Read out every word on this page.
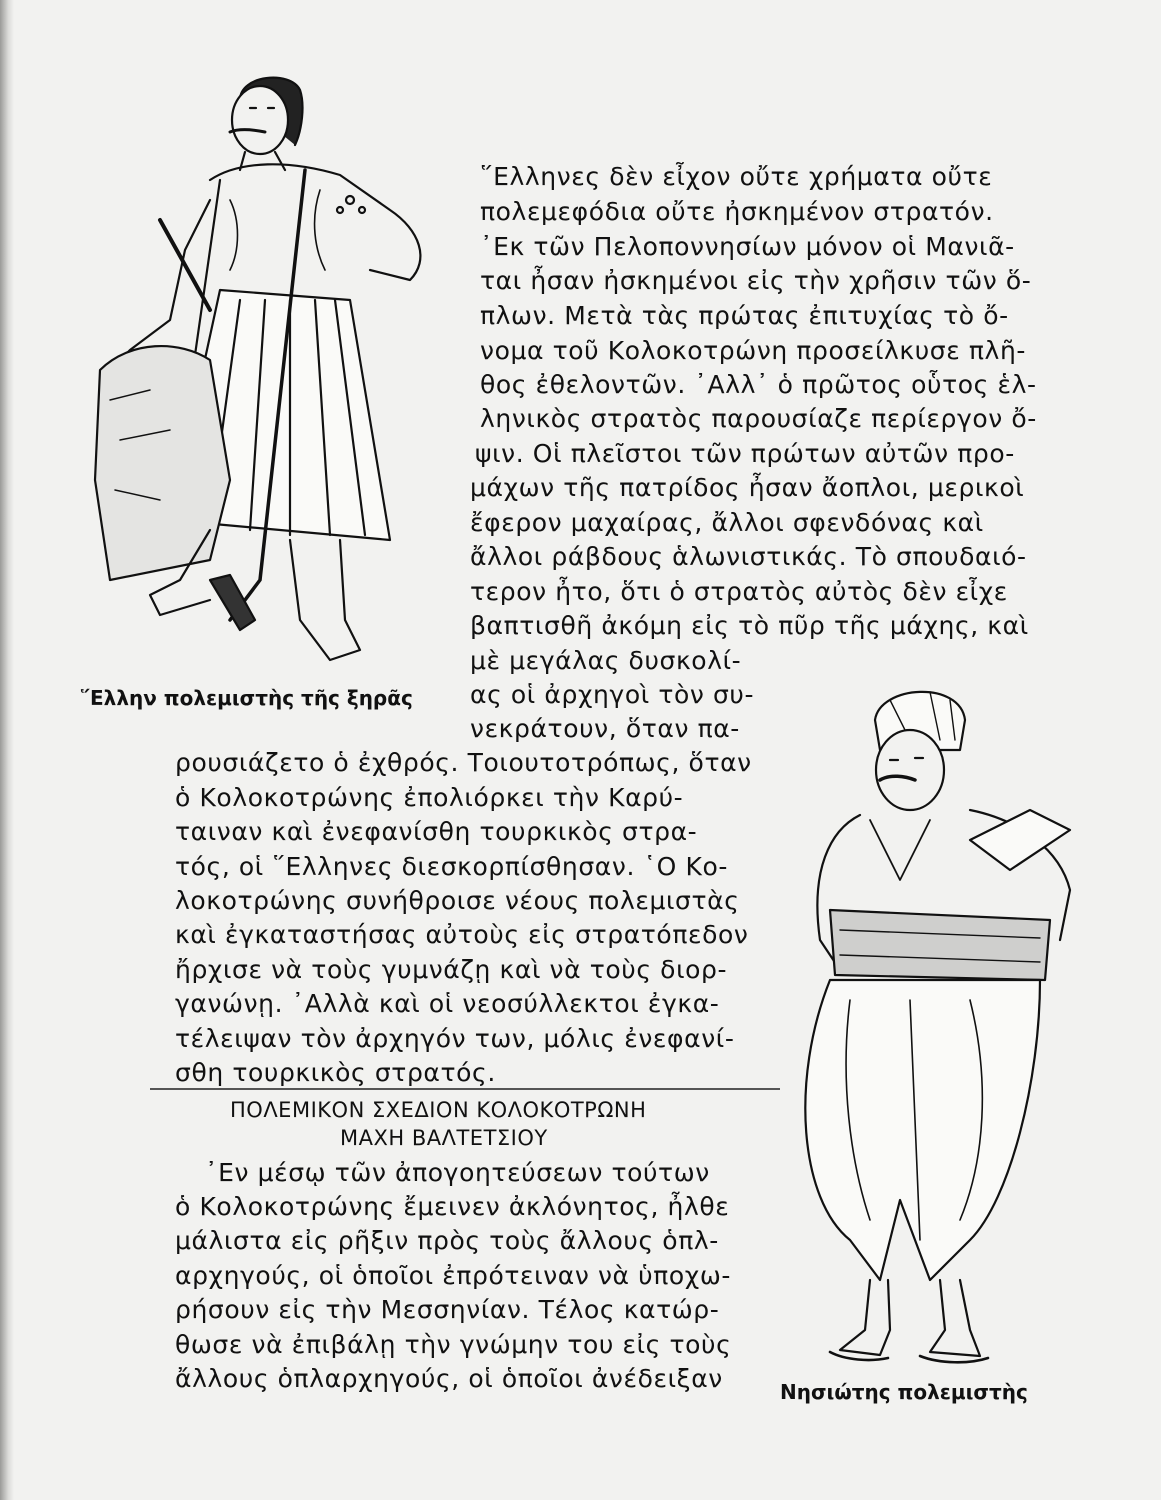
῞Ελλην πολεμιστὴς τῆς ξηρᾶς
Νησιώτης πολεμιστὴς
῞Ελληνες δὲν εἶχον οὔτε χρήματα οὔτε
πολεμεφόδια οὔτε ἠσκημένον στρατόν.
᾿Εκ τῶν Πελοποννησίων μόνον οἱ Μανιᾶ-
ται ἦσαν ἠσκημένοι εἰς τὴν χρῆσιν τῶν ὅ-
πλων. Μετὰ τὰς πρώτας ἐπιτυχίας τὸ ὄ-
νομα τοῦ Κολοκοτρώνη προσείλκυσε πλῆ-
θος ἐθελοντῶν. ᾿Αλλ᾿ ὁ πρῶτος οὗτος ἑλ-
ληνικὸς στρατὸς παρουσίαζε περίεργον ὄ-
ψιν. Οἱ πλεῖστοι τῶν πρώτων αὐτῶν προ-
μάχων τῆς πατρίδος ἦσαν ἄοπλοι, μερικοὶ
ἔφερον μαχαίρας, ἄλλοι σφενδόνας καὶ
ἄλλοι ράβδους ἁλωνιστικάς. Τὸ σπουδαιό-
τερον ἦτο, ὅτι ὁ στρατὸς αὐτὸς δὲν εἶχε
βαπτισθῆ ἀκόμη εἰς τὸ πῦρ τῆς μάχης, καὶ
μὲ μεγάλας δυσκολί-
ας οἱ ἀρχηγοὶ τὸν συ-
νεκράτουν, ὅταν πα-
ρουσιάζετο ὁ ἐχθρός. Τοιουτοτρόπως, ὅταν
ὁ Κολοκοτρώνης ἐπολιόρκει τὴν Καρύ-
ταιναν καὶ ἐνεφανίσθη τουρκικὸς στρα-
τός, οἱ ῞Ελληνες διεσκορπίσθησαν. ῾Ο Κο-
λοκοτρώνης συνήθροισε νέους πολεμιστὰς
καὶ ἐγκαταστήσας αὐτοὺς εἰς στρατόπεδον
ἤρχισε νὰ τοὺς γυμνάζῃ καὶ νὰ τοὺς διορ-
γανώνῃ. ᾿Αλλὰ καὶ οἱ νεοσύλλεκτοι ἐγκα-
τέλειψαν τὸν ἀρχηγόν των, μόλις ἐνεφανί-
σθη τουρκικὸς στρατός.
ΠΟΛΕΜΙΚΟΝ ΣΧΕΔΙΟΝ ΚΟΛΟΚΟΤΡΩΝΗ
ΜΑΧΗ ΒΑΛΤΕΤΣΙΟΥ
᾿Εν μέσῳ τῶν ἀπογοητεύσεων τούτων
ὁ Κολοκοτρώνης ἔμεινεν ἀκλόνητος, ἦλθε
μάλιστα εἰς ρῆξιν πρὸς τοὺς ἄλλους ὁπλ-
αρχηγούς, οἱ ὁποῖοι ἐπρότειναν νὰ ὑποχω-
ρήσουν εἰς τὴν Μεσσηνίαν. Τέλος κατώρ-
θωσε νὰ ἐπιβάλῃ τὴν γνώμην του εἰς τοὺς
ἄλλους ὁπλαρχηγούς, οἱ ὁποῖοι ἀνέδειξαν
